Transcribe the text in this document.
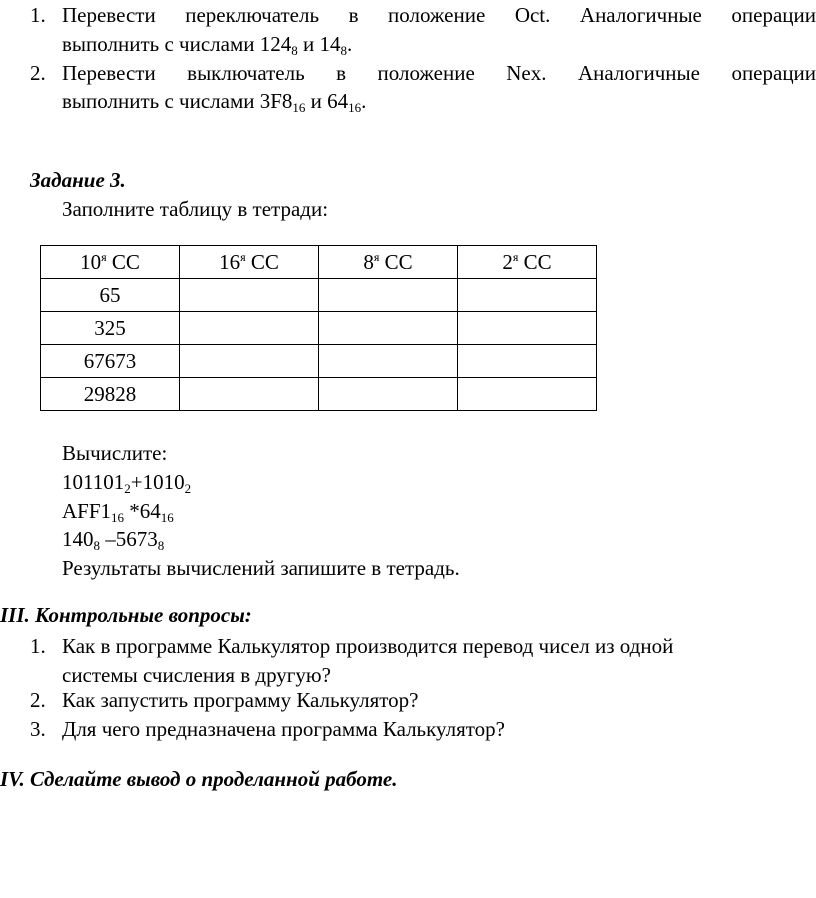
1. Перевести переключатель в положение Oct. Аналогичные операции
выполнить с числами $124_8$ и $14_8$.
2. Перевести выключатель в положение Nex. Аналогичные операции
выполнить с числами $3F8_{16}$ и $64_{16}$.
Задание 3.
Заполните таблицу в тетради:
$10^я$ СС	$16^я$ СС	$8^я$ СС	$2^я$ СС
65			
325			
67673			
29828			
Вычислите:
$101101_2+1010_2$
$AFF1_{16}$ $*64_{16}$
$140_8$ $-5673_8$
Результаты вычислений запишите в тетрадь.
III. Контрольные вопросы:
1. Как в программе Калькулятор производится перевод чисел из одной
системы счисления в другую?
2. Как запустить программу Калькулятор?
3. Для чего предназначена программа Калькулятор?
IV. Сделайте вывод о проделанной работе.
